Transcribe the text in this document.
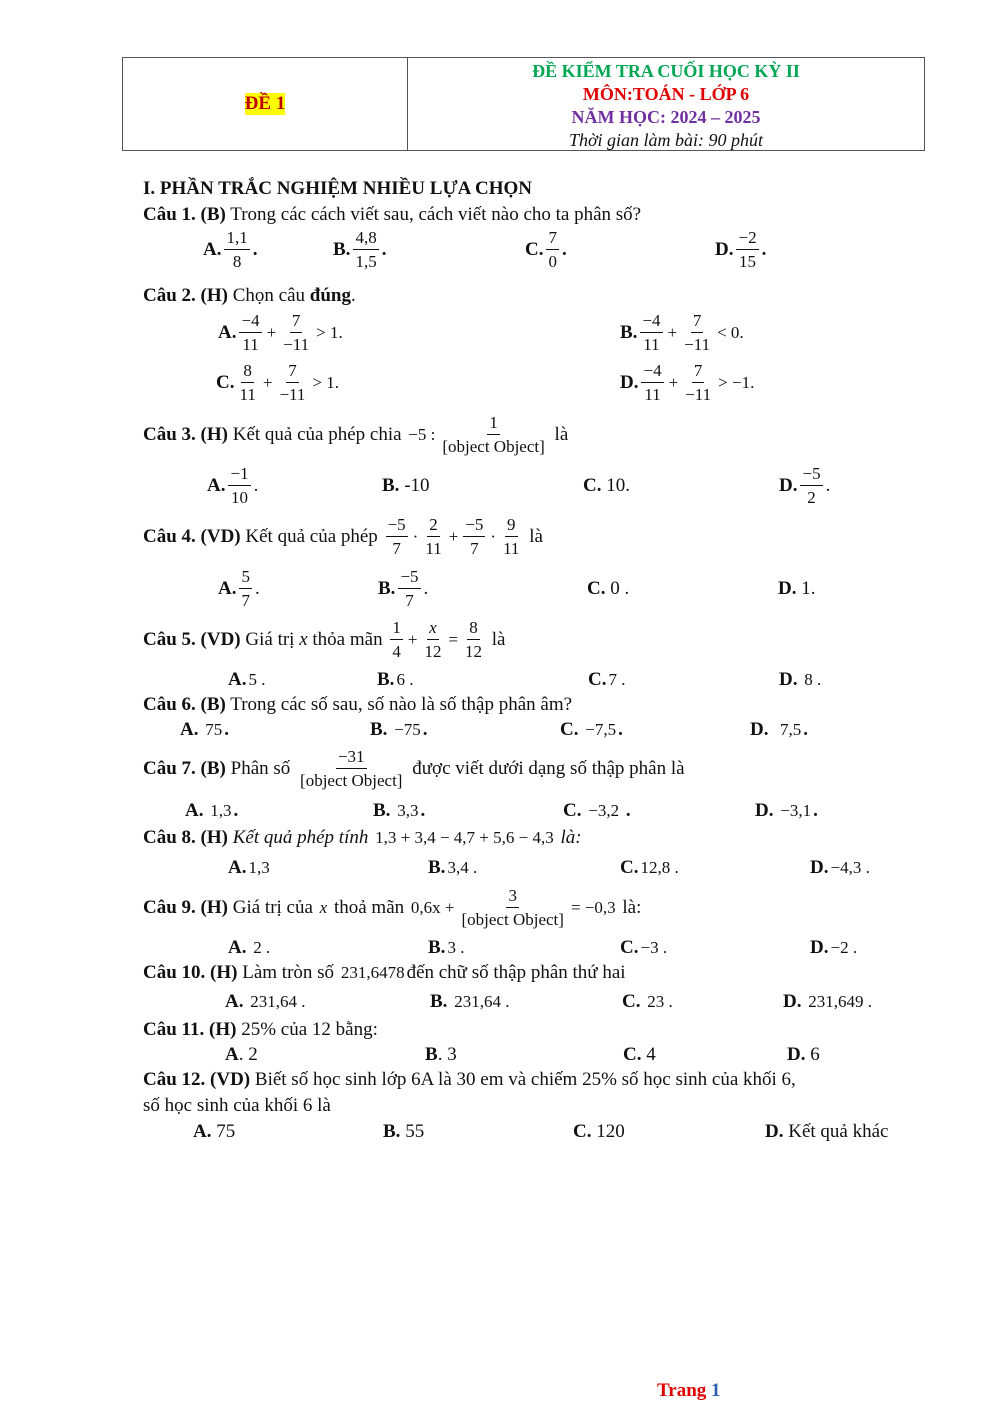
ĐỀ 1
ĐỀ KIỂM TRA CUỐI HỌC KỲ II
MÔN:TOÁN - LỚP 6
NĂM HỌC: 2024 – 2025
Thời gian làm bài: 90 phút
I. PHẦN TRẮC NGHIỆM NHIỀU LỰA CHỌN
Câu 1. (B) Trong các cách viết sau, cách viết nào cho ta phân số?
A. $\frac{1,1}{8}$ .	B. $\frac{4,8}{1,5}$ .	C. $\frac{7}{0}$ .	D. $\frac{-2}{15}$ .
Câu 2. (H) Chọn câu đúng.
A. $\frac{-4}{11} + \frac{7}{-11} > 1$.	B. $\frac{-4}{11} + \frac{7}{-11} < 0$.
C. $\frac{8}{11} + \frac{7}{-11} > 1$.	D. $\frac{-4}{11} + \frac{7}{-11} > -1$.
Câu 3. (H)
Kết quả của phép chia
−5 : $\frac{1}{\text{[object Object]}}$
là
A. $\frac{-1}{10}$ .	B.
-10	C.
10.	D. $\frac{-5}{2}$ .
Câu 4. (VD)
Kết quả của phép
$\frac{-5}{7} \cdot \frac{2}{11} + \frac{-5}{7} \cdot \frac{9}{11}$
là
A. $\frac{5}{7}$ .	B. $\frac{-5}{7}$ .	C.
0 .	D.
1.
Câu 5. (VD)
Giá trị
x
thỏa mãn
$\frac{1}{4} + \frac{x}{12} = \frac{8}{12}$
là
A. 5 .	B. 6 .	C. 7 .	D.
8 .
Câu 6. (B) Trong các số sau, số nào là số thập phân âm?
A.
75 .	B.
−75 .	C.
−7,5 .	D.
7,5 .
Câu 7. (B)
Phân số
$\frac{-31}{\text{[object Object]}}$
được viết dưới dạng số thập phân là
A.
1,3 .	B.
3,3 .	C.
−3,2
.	D.
−3,1 .
Câu 8. (H)
Kết quả phép tính
1,3 + 3,4 − 4,7 + 5,6 − 4,3
là:
A. 1,3	B. 3,4 .	C. 12,8 .	D. −4,3 .
Câu 9. (H)
Giá trị của
x
thoả mãn
$0,6x + \frac{3}{\text{[object Object]}} = -0,3$
là:
A.
2 .	B. 3 .	C. −3 .	D. −2 .
Câu 10. (H)
Làm tròn số
231,6478 đến chữ số thập phân thứ hai
A.
231,64 .	B.
231,64 .	C.
23 .	D.
231,649 .
Câu 11. (H) 25% của 12 bằng:
A . 2	B . 3	C.
4	D.
6
Câu 12. (VD) Biết số học sinh lớp 6A là 30 em và chiếm 25% số học sinh của khối 6,
số học sinh của khối 6 là
A.
75	B.
55	C.
120	D.
Kết quả khác
Trang 1
